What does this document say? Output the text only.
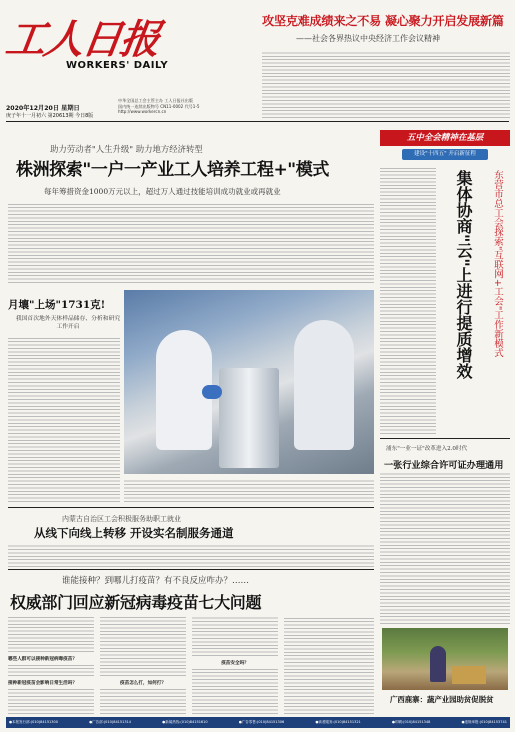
工人日报
WORKERS' DAILY
2020年12月20日 星期日
庚子年十一月初六 第20613期 今日8版
中华全国总工会主管主办 工人日报社出版
国内统一连续出版物号 CN11-0002 代号1-5
http://www.workercn.cn
攻坚克难成绩来之不易 凝心聚力开启发展新篇
——社会各界热议中央经济工作会议精神
助力劳动者"人生升级" 助力地方经济转型
株洲探索"一户一产业工人培养工程+"模式
每年筹措资金1000万元以上，超过万人通过技能培训成功就业或再就业
月壤"上场"1731克!
我国首次地外天体样品储存、分析和研究工作开启
内蒙古自治区工会积极服务助职工就业
从线下向线上转移 开设实名制服务通道
谁能接种？到哪儿打疫苗？有不良反应咋办？……
权威部门回应新冠病毒疫苗七大问题
哪些人群可以接种新冠病毒疫苗？
接种新冠疫苗会影响日常生活吗？	疫苗怎么打，如何打？
疫苗安全吗？
五中全会精神在基层
建设"十四五" 开启新征程
集体协商"云"上进行提质增效	东营市总工会探索"互联网+工会"工作新模式
浦东"一业一证"改革进入2.0时代
一张行业综合许可证办理通用
广西鹿寨：蔬产业园助贫促脱贫
●本报发行部:(010)84151300	●广告部:(010)84151314	●新闻热线:(010)84151610	●广告零售:(010)84151306	●读者服务:(010)84151321	●印刷:(010)84151348	●违规举报:(010)84153741
